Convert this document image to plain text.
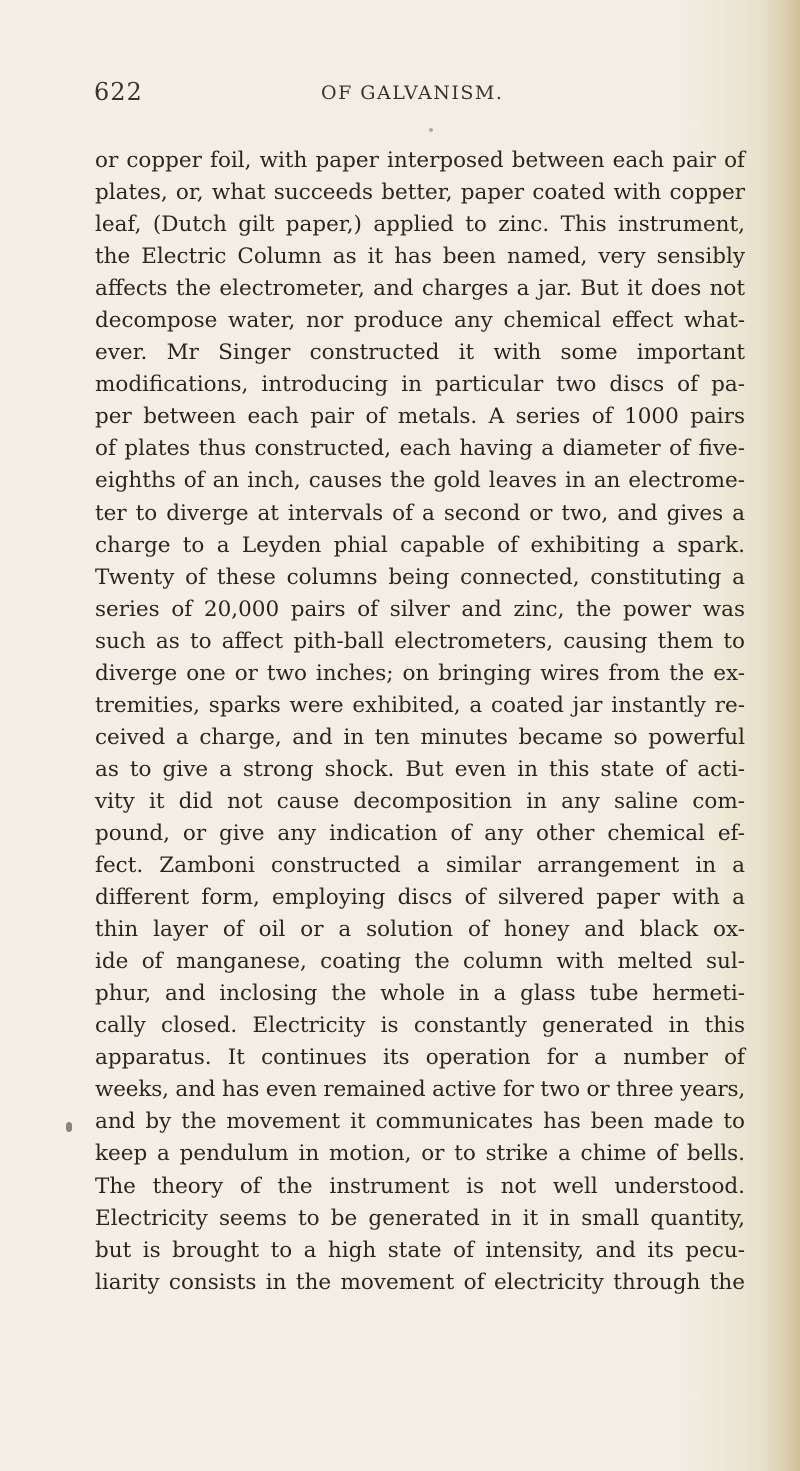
622	OF GALVANISM.
or copper foil, with paper interposed between each pair of
plates, or, what succeeds better, paper coated with copper
leaf, (Dutch gilt paper,) applied to zinc. This instrument,
the Electric Column as it has been named, very sensibly
affects the electrometer, and charges a jar. But it does not
decompose water, nor produce any chemical effect what-
ever. Mr Singer constructed it with some important
modifications, introducing in particular two discs of pa-
per between each pair of metals. A series of 1000 pairs
of plates thus constructed, each having a diameter of five-
eighths of an inch, causes the gold leaves in an electrome-
ter to diverge at intervals of a second or two, and gives a
charge to a Leyden phial capable of exhibiting a spark.
Twenty of these columns being connected, constituting a
series of 20,000 pairs of silver and zinc, the power was
such as to affect pith-ball electrometers, causing them to
diverge one or two inches; on bringing wires from the ex-
tremities, sparks were exhibited, a coated jar instantly re-
ceived a charge, and in ten minutes became so powerful
as to give a strong shock. But even in this state of acti-
vity it did not cause decomposition in any saline com-
pound, or give any indication of any other chemical ef-
fect. Zamboni constructed a similar arrangement in a
different form, employing discs of silvered paper with a
thin layer of oil or a solution of honey and black ox-
ide of manganese, coating the column with melted sul-
phur, and inclosing the whole in a glass tube hermeti-
cally closed. Electricity is constantly generated in this
apparatus. It continues its operation for a number of
weeks, and has even remained active for two or three years,
and by the movement it communicates has been made to
keep a pendulum in motion, or to strike a chime of bells.
The theory of the instrument is not well understood.
Electricity seems to be generated in it in small quantity,
but is brought to a high state of intensity, and its pecu-
liarity consists in the movement of electricity through the
